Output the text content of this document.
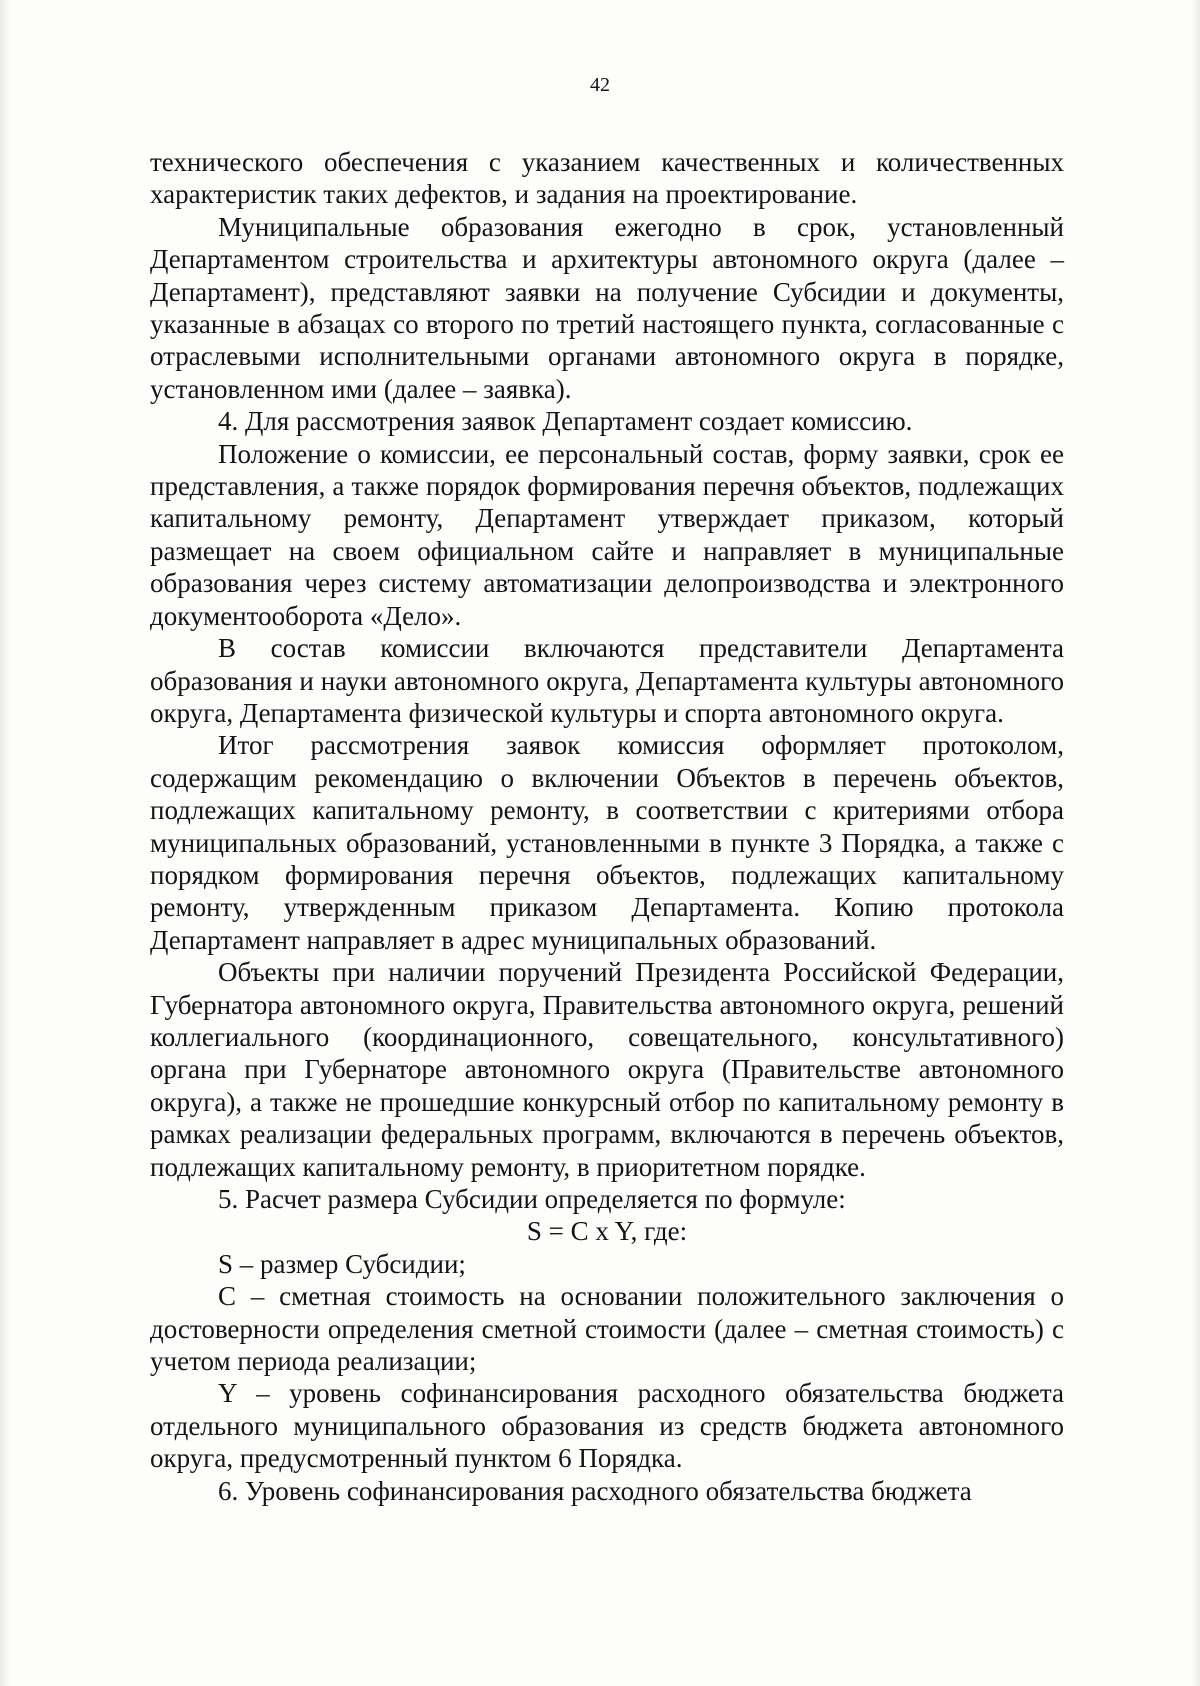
42

технического обеспечения с указанием качественных и количественных характеристик таких дефектов, и задания на проектирование.

Муниципальные образования ежегодно в срок, установленный Департаментом строительства и архитектуры автономного округа (далее – Департамент), представляют заявки на получение Субсидии и документы, указанные в абзацах со второго по третий настоящего пункта, согласованные с отраслевыми исполнительными органами автономного округа в порядке, установленном ими (далее – заявка).

4. Для рассмотрения заявок Департамент создает комиссию.

Положение о комиссии, ее персональный состав, форму заявки, срок ее представления, а также порядок формирования перечня объектов, подлежащих капитальному ремонту, Департамент утверждает приказом, который размещает на своем официальном сайте и направляет в муниципальные образования через систему автоматизации делопроизводства и электронного документооборота «Дело».

В состав комиссии включаются представители Департамента образования и науки автономного округа, Департамента культуры автономного округа, Департамента физической культуры и спорта автономного округа.

Итог рассмотрения заявок комиссия оформляет протоколом, содержащим рекомендацию о включении Объектов в перечень объектов, подлежащих капитальному ремонту, в соответствии с критериями отбора муниципальных образований, установленными в пункте 3 Порядка, а также с порядком формирования перечня объектов, подлежащих капитальному ремонту, утвержденным приказом Департамента. Копию протокола Департамент направляет в адрес муниципальных образований.

Объекты при наличии поручений Президента Российской Федерации, Губернатора автономного округа, Правительства автономного округа, решений коллегиального (координационного, совещательного, консультативного) органа при Губернаторе автономного округа (Правительстве автономного округа), а также не прошедшие конкурсный отбор по капитальному ремонту в рамках реализации федеральных программ, включаются в перечень объектов, подлежащих капитальному ремонту, в приоритетном порядке.

5. Расчет размера Субсидии определяется по формуле:

S = C x Y, где:

S – размер Субсидии;

C – сметная стоимость на основании положительного заключения о достоверности определения сметной стоимости (далее – сметная стоимость) с учетом периода реализации;

Y – уровень софинансирования расходного обязательства бюджета отдельного муниципального образования из средств бюджета автономного округа, предусмотренный пунктом 6 Порядка.

6. Уровень софинансирования расходного обязательства бюджета
